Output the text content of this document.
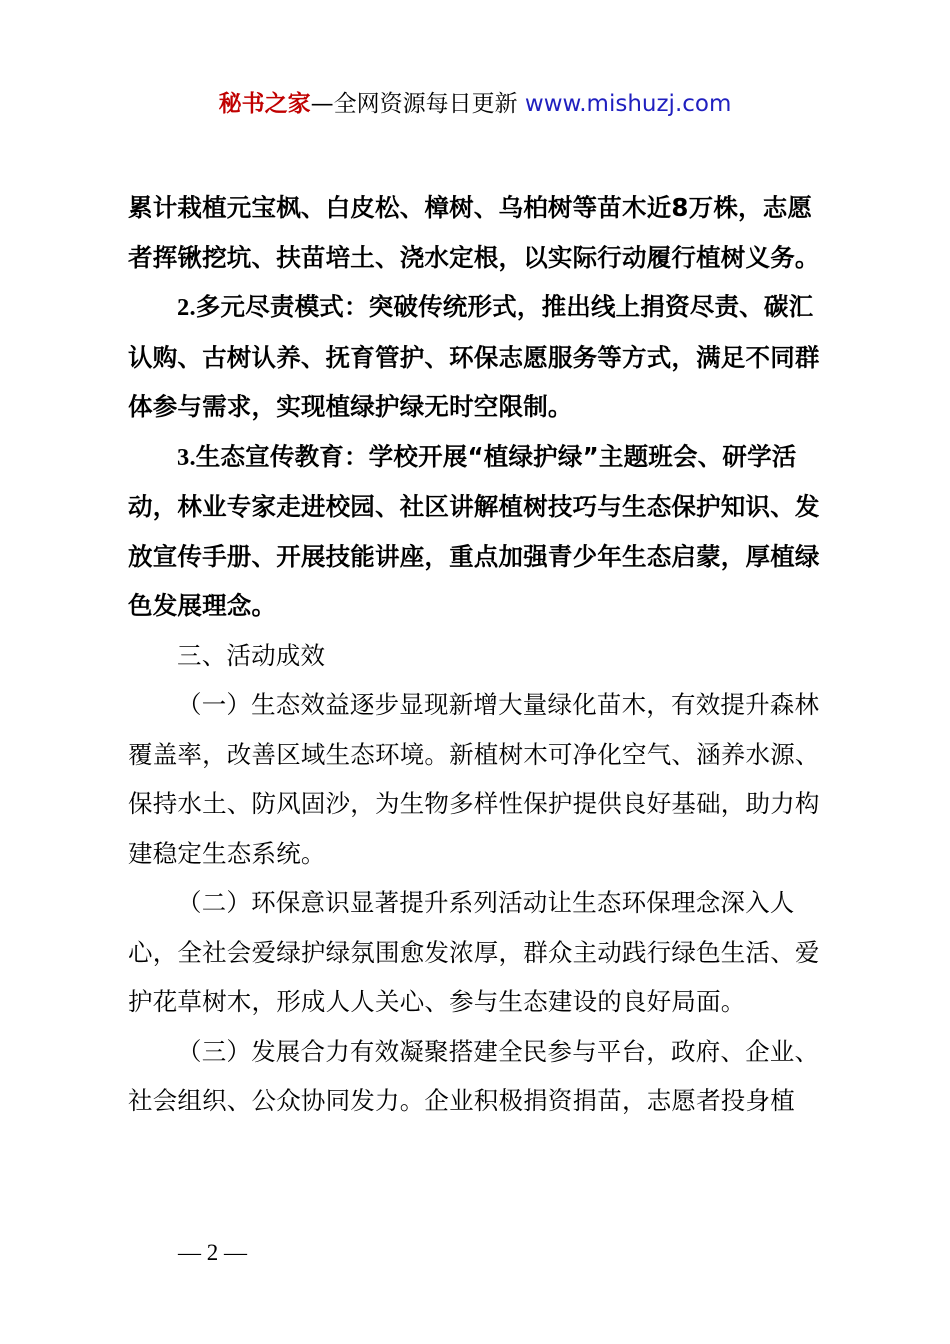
秘书之家—全网资源每日更新 www.mishuzj.com

累计栽植元宝枫、白皮松、樟树、乌柏树等苗木近8万株，志愿者挥锹挖坑、扶苗培土、浇水定根，以实际行动履行植树义务。

2.多元尽责模式：突破传统形式，推出线上捐资尽责、碳汇认购、古树认养、抚育管护、环保志愿服务等方式，满足不同群体参与需求，实现植绿护绿无时空限制。

3.生态宣传教育：学校开展“植绿护绿”主题班会、研学活动，林业专家走进校园、社区讲解植树技巧与生态保护知识、发放宣传手册、开展技能讲座，重点加强青少年生态启蒙，厚植绿色发展理念。

三、活动成效

（一）生态效益逐步显现新增大量绿化苗木，有效提升森林覆盖率，改善区域生态环境。新植树木可净化空气、涵养水源、保持水土、防风固沙，为生物多样性保护提供良好基础，助力构建稳定生态系统。

（二）环保意识显著提升系列活动让生态环保理念深入人心，全社会爱绿护绿氛围愈发浓厚，群众主动践行绿色生活、爱护花草树木，形成人人关心、参与生态建设的良好局面。

（三）发展合力有效凝聚搭建全民参与平台，政府、企业、社会组织、公众协同发力。企业积极捐资捐苗，志愿者投身植

— 2 —
